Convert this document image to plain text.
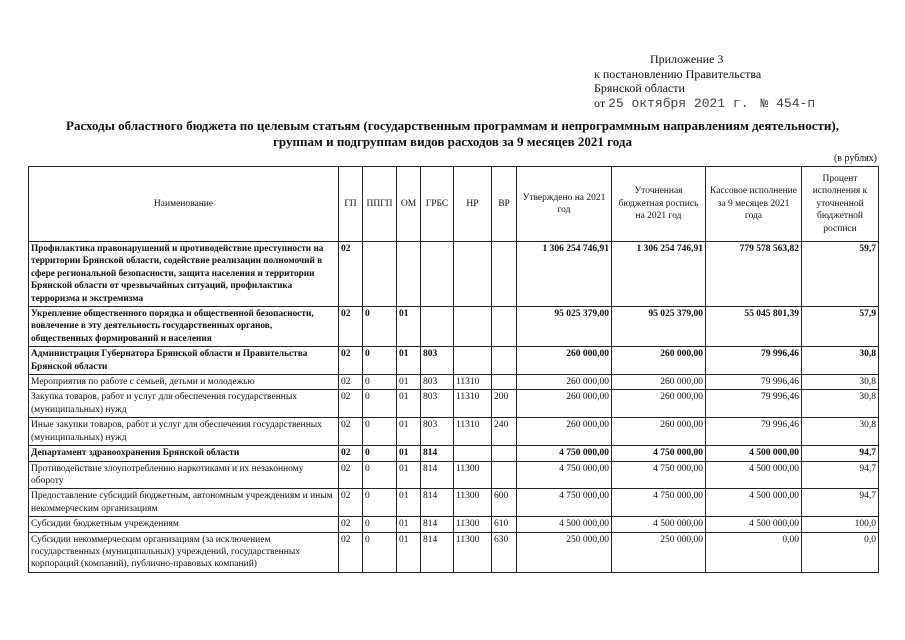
Приложение 3
к постановлению Правительства
Брянской области
от 25 октября 2021 г. № 454-п
Расходы областного бюджета по целевым статьям (государственным программам и непрограммным направлениям деятельности),
группам и подгруппам видов расходов за 9 месяцев 2021 года
(в рублях)
Наименование	ГП	ППГП	ОМ	ГРБС	НР	ВР	Утверждено на 2021 год	Уточненная бюджетная роспись на 2021 год	Кассовое исполнение за 9 месяцев 2021 года	Процент исполнения к уточненной бюджетной росписи
Профилактика правонарушений и противодействие преступности на территории Брянской области, содействие реализации полномочий в сфере региональной безопасности, защита населения и территории Брянской области от чрезвычайных ситуаций, профилактика терроризма и экстремизма	02						1 306 254 746,91	1 306 254 746,91	779 578 563,82	59,7
Укрепление общественного порядка и общественной безопасности, вовлечение в эту деятельность государственных органов, общественных формирований и населения	02	0	01				95 025 379,00	95 025 379,00	55 045 801,39	57,9
Администрация Губернатора Брянской области и Правительства Брянской области	02	0	01	803			260 000,00	260 000,00	79 996,46	30,8
Мероприятия по работе с семьей, детьми и молодежью	02	0	01	803	11310		260 000,00	260 000,00	79 996,46	30,8
Закупка товаров, работ и услуг для обеспечения государственных (муниципальных) нужд	02	0	01	803	11310	200	260 000,00	260 000,00	79 996,46	30,8
Иные закупки товаров, работ и услуг для обеспечения государственных (муниципальных) нужд	02	0	01	803	11310	240	260 000,00	260 000,00	79 996,46	30,8
Департамент здравоохранения Брянской области	02	0	01	814			4 750 000,00	4 750 000,00	4 500 000,00	94,7
Противодействие злоупотреблению наркотиками и их незаконному обороту	02	0	01	814	11300		4 750 000,00	4 750 000,00	4 500 000,00	94,7
Предоставление субсидий бюджетным, автономным учреждениям и иным некоммерческим организациям	02	0	01	814	11300	600	4 750 000,00	4 750 000,00	4 500 000,00	94,7
Субсидии бюджетным учреждениям	02	0	01	814	11300	610	4 500 000,00	4 500 000,00	4 500 000,00	100,0
Субсидии некоммерческим организациям (за исключением государственных (муниципальных) учреждений, государственных корпораций (компаний), публично-правовых компаний)	02	0	01	814	11300	630	250 000,00	250 000,00	0,00	0,0
